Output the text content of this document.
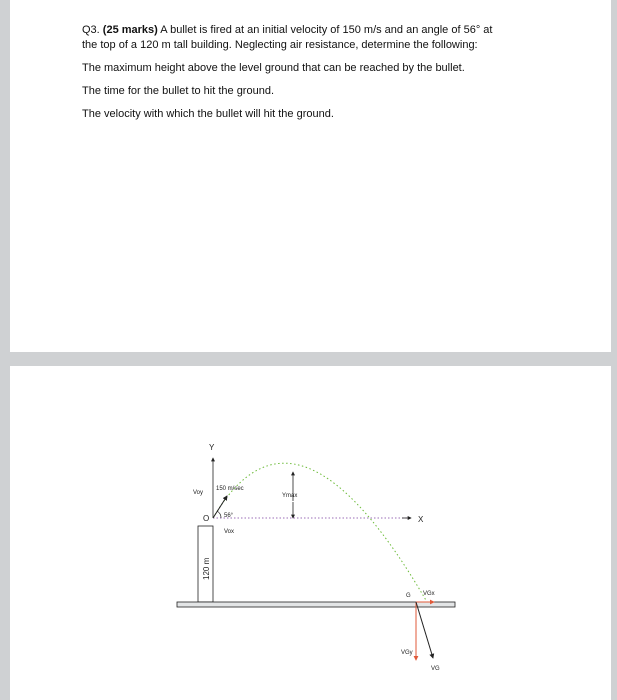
Q3. (25 marks) A bullet is fired at an initial velocity of 150 m/s and an angle of 56° at
the top of a 120 m tall building. Neglecting air resistance, determine the following:
The maximum height above the level ground that can be reached by the bullet.
The time for the bullet to hit the ground.
The velocity with which the bullet will hit the ground.
Y
X
150 m/sec
56°
Voy
Vox
O
Ymax
120 m
G VGx
VGy
VG
